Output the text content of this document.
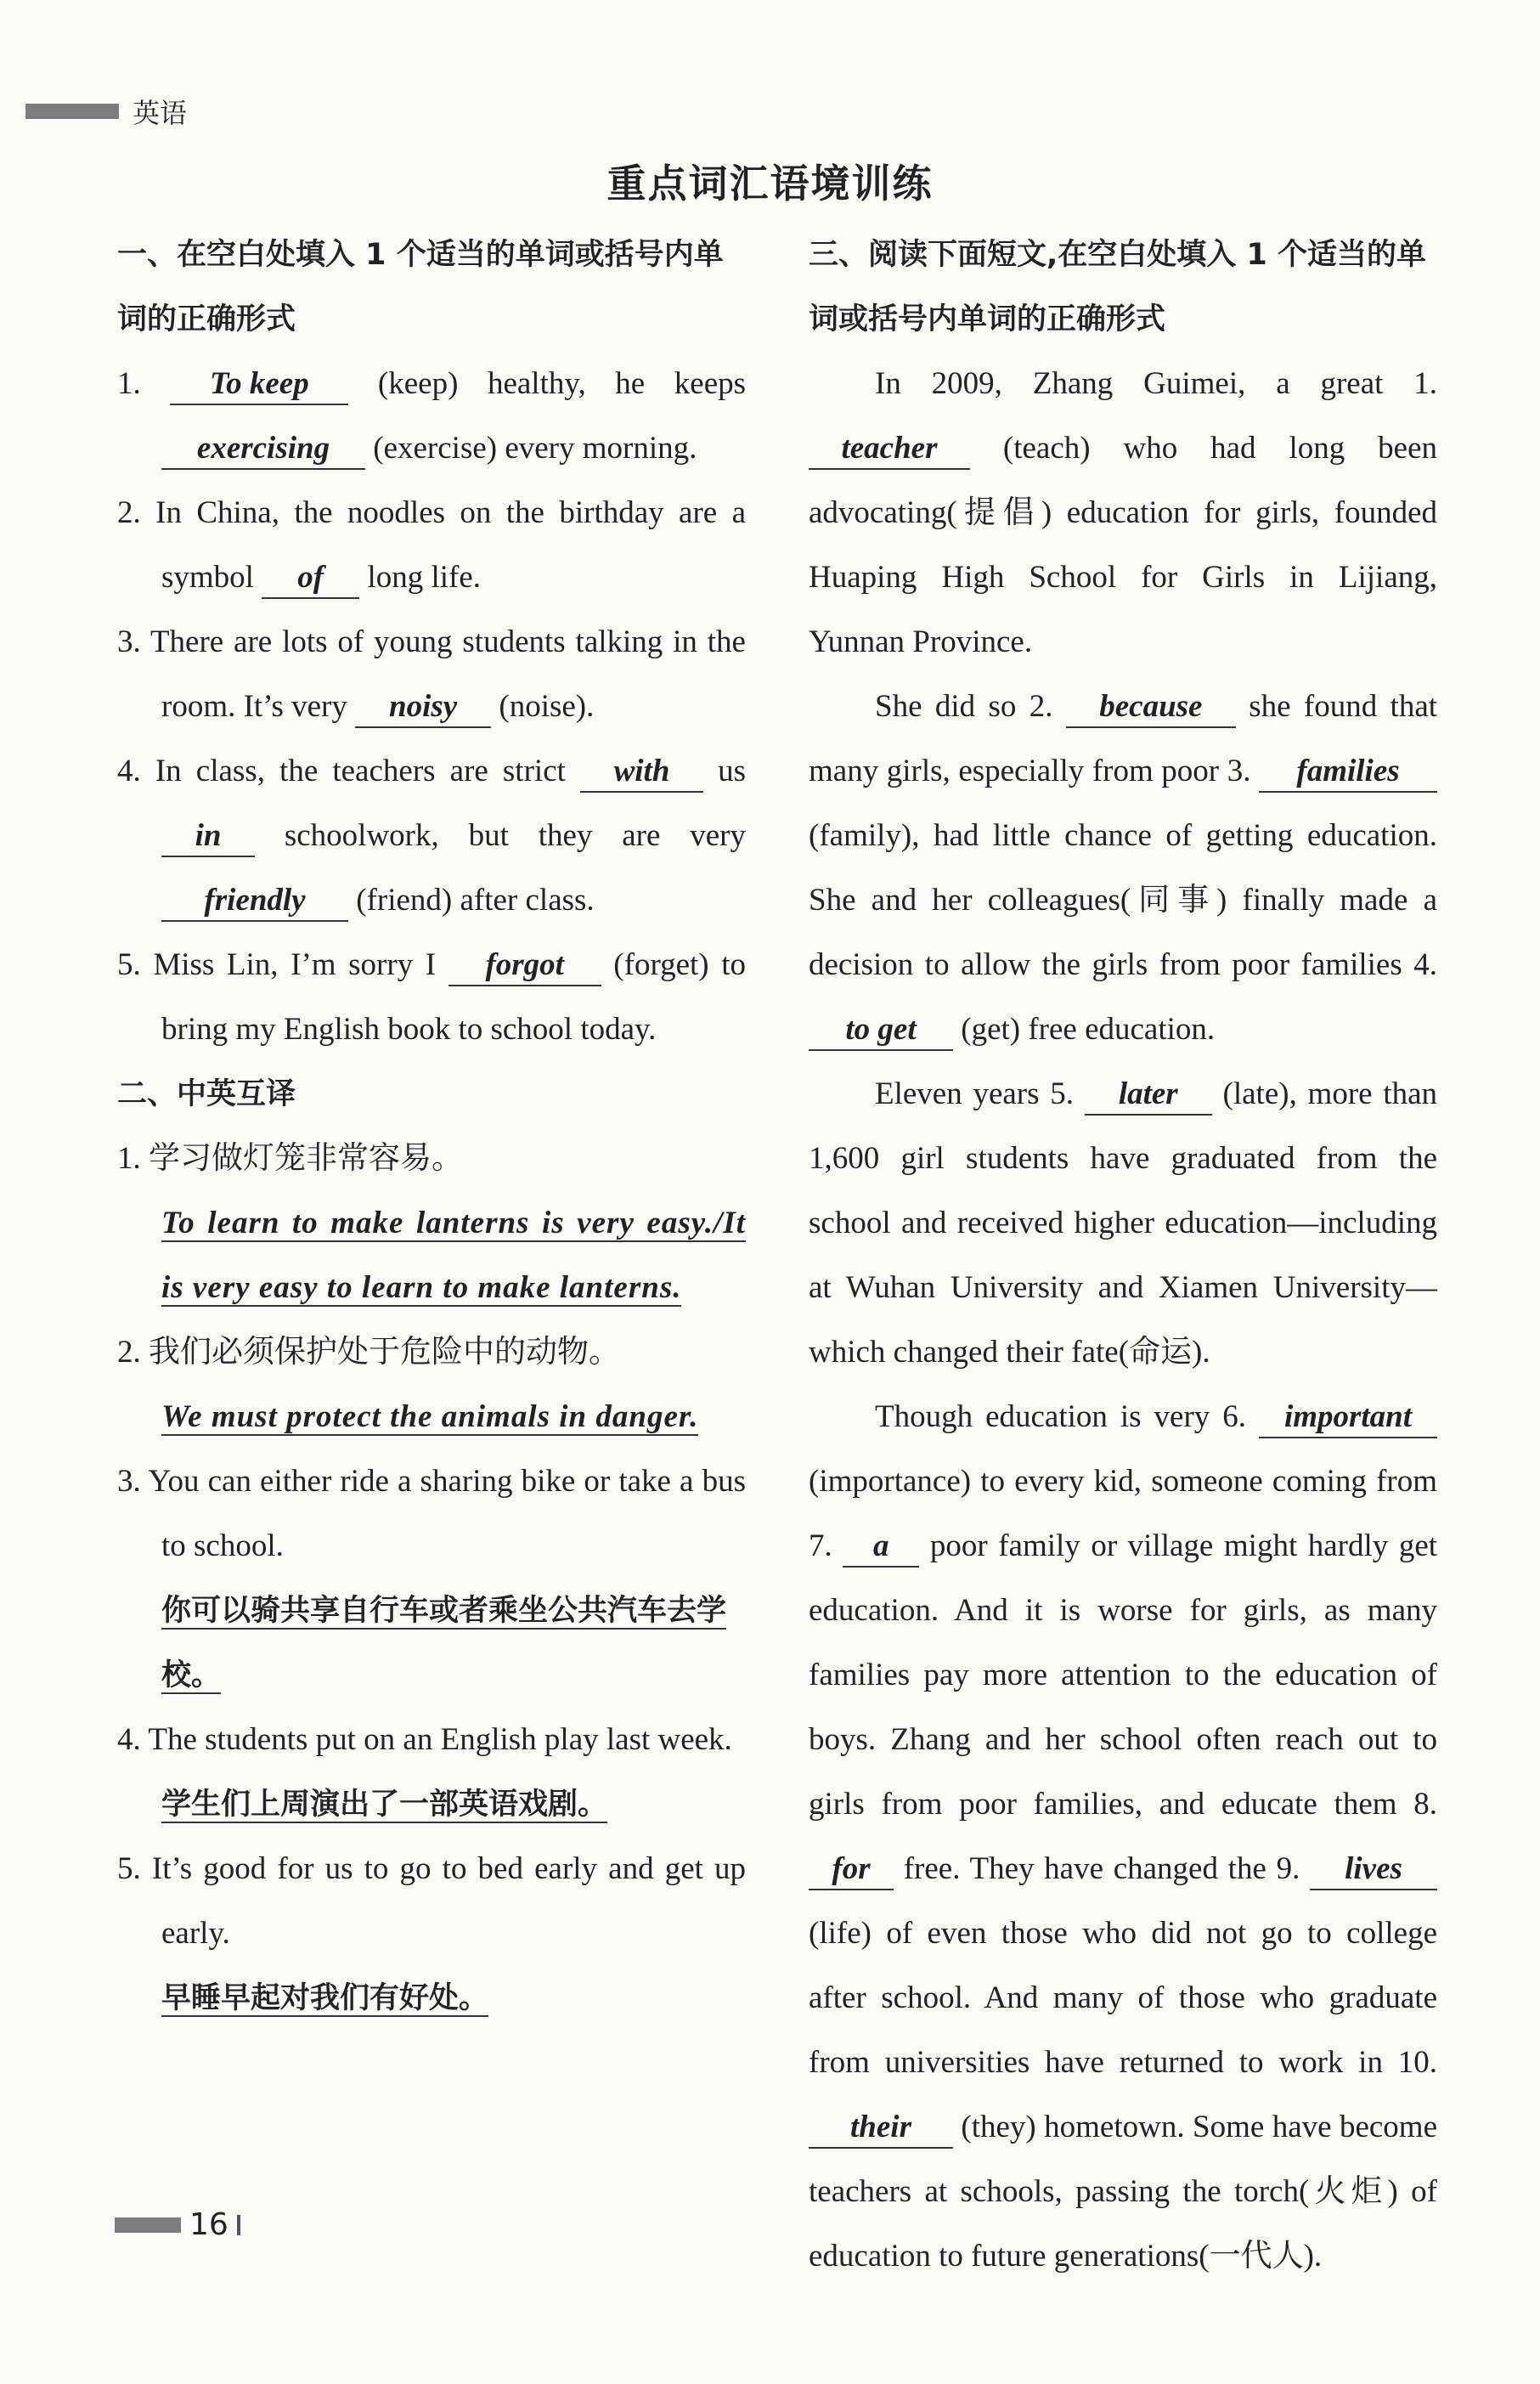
英语
重点词汇语境训练
一、在空白处填入 1 个适当的单词或括号内单词的正确形式
1. To keep (keep) healthy, he keeps exercising (exercise) every morning.
2. In China, the noodles on the birthday are a symbol of long life.
3. There are lots of young students talking in the room. It’s very noisy (noise).
4. In class, the teachers are strict with us in schoolwork, but they are very friendly (friend) after class.
5. Miss Lin, I’m sorry I forgot (forget) to bring my English book to school today.
二、中英互译
1. 学习做灯笼非常容易。
To learn to make lanterns is very easy./It is very easy to learn to make lanterns.
2. 我们必须保护处于危险中的动物。
We must protect the animals in danger.
3. You can either ride a sharing bike or take a bus to school.
你可以骑共享自行车或者乘坐公共汽车去学校。
4. The students put on an English play last week.
学生们上周演出了一部英语戏剧。
5. It’s good for us to go to bed early and get up early.
早睡早起对我们有好处。
三、阅读下面短文,在空白处填入 1 个适当的单词或括号内单词的正确形式
In 2009, Zhang Guimei, a great 1. teacher (teach) who had long been advocating(提倡) education for girls, founded Huaping High School for Girls in Lijiang, Yunnan Province.
She did so 2. because she found that many girls, especially from poor 3. families (family), had little chance of getting education. She and her colleagues(同事) finally made a decision to allow the girls from poor families 4. to get (get) free education.
Eleven years 5. later (late), more than 1,600 girl students have graduated from the school and received higher education—including at Wuhan University and Xiamen University—which changed their fate(命运).
Though education is very 6. important (importance) to every kid, someone coming from 7. a poor family or village might hardly get education. And it is worse for girls, as many families pay more attention to the education of boys. Zhang and her school often reach out to girls from poor families, and educate them 8. for free. They have changed the 9. lives (life) of even those who did not go to college after school. And many of those who graduate from universities have returned to work in 10. their (they) hometown. Some have become teachers at schools, passing the torch(火炬) of education to future generations(一代人).
16
